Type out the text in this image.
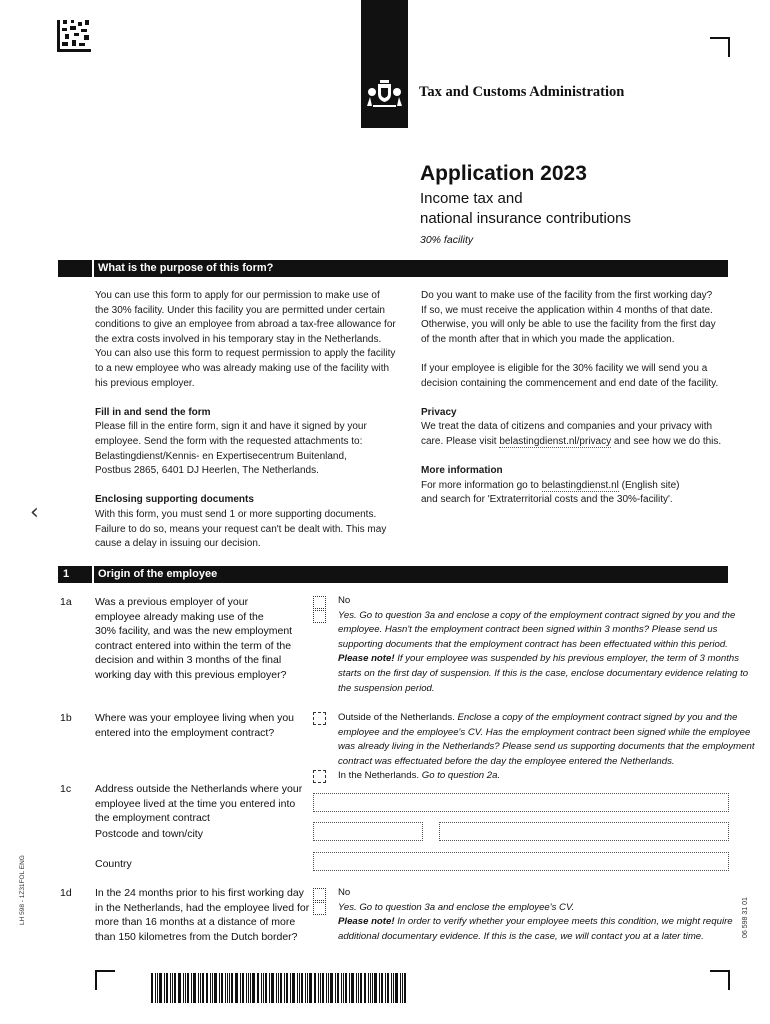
Tax and Customs Administration
Application 2023
Income tax and
national insurance contributions
30% facility
What is the purpose of this form?

You can use this form to apply for our permission to make use of

the 30% facility. Under this facility you are permitted under certain

conditions to give an employee from abroad a tax-free allowance for

the extra costs involved in his temporary stay in the Netherlands.

You can also use this form to request permission to apply the facility

to a new employee who was already making use of the facility with

his previous employer.

Fill in and send the form

Please fill in the entire form, sign it and have it signed by your

employee. Send the form with the requested attachments to:

Belastingdienst/Kennis- en Expertisecentrum Buitenland,

Postbus 2865, 6401 DJ Heerlen, The Netherlands.

Enclosing supporting documents

With this form, you must send 1 or more supporting documents.

Failure to do so, means your request can't be dealt with. This may

cause a delay in issuing our decision.

Do you want to make use of the facility from the first working day?

If so, we must receive the application within 4 months of that date.

Otherwise, you will only be able to use the facility from the first day

of the month after that in which you made the application.

If your employee is eligible for the 30% facility we will send you a

decision containing the commencement and end date of the facility.

Privacy

We treat the data of citizens and companies and your privacy with

care. Please visit belastingdienst.nl/privacy and see how we do this.

More information

For more information go to belastingdienst.nl (English site)

and search for 'Extraterritorial costs and the 30%-facility'.

‹
1	Origin of the employee
1a Was a previous employer of your
employee already making use of the
30% facility, and was the new employment
contract entered into within the term of the
decision and within 3 months of the final
working day with this previous employer?
No
Yes. Go to question 3a and enclose a copy of the employment contract signed by you and the
employee. Hasn't the employment contract been signed within 3 months? Please send us
supporting documents that the employment contract has been effectuated within this period.
Please note! If your employee was suspended by his previous employer, the term of 3 months
starts on the first day of suspension. If this is the case, enclose documentary evidence relating to
the suspension period.
1b Where was your employee living when you
entered into the employment contract?
Outside of the Netherlands. Enclose a copy of the employment contract signed by you and the
employee and the employee's CV. Has the employment contract been signed while the employee
was already living in the Netherlands? Please send us supporting documents that the employment
contract was effectuated before the day the employee entered the Netherlands.
In the Netherlands. Go to question 2a.
1c Address outside the Netherlands where your
employee lived at the time you entered into
the employment contract
Postcode and town/city
Country
1d In the 24 months prior to his first working day
in the Netherlands, had the employee lived for
more than 16 months at a distance of more
than 150 kilometres from the Dutch border?
No
Yes. Go to question 3a and enclose the employee's CV.
Please note! In order to verify whether your employee meets this condition, we might require
additional documentary evidence. If this is the case, we will contact you at a later time.
LH 598 - 1Z31FOL ENG	06 598 31 01
